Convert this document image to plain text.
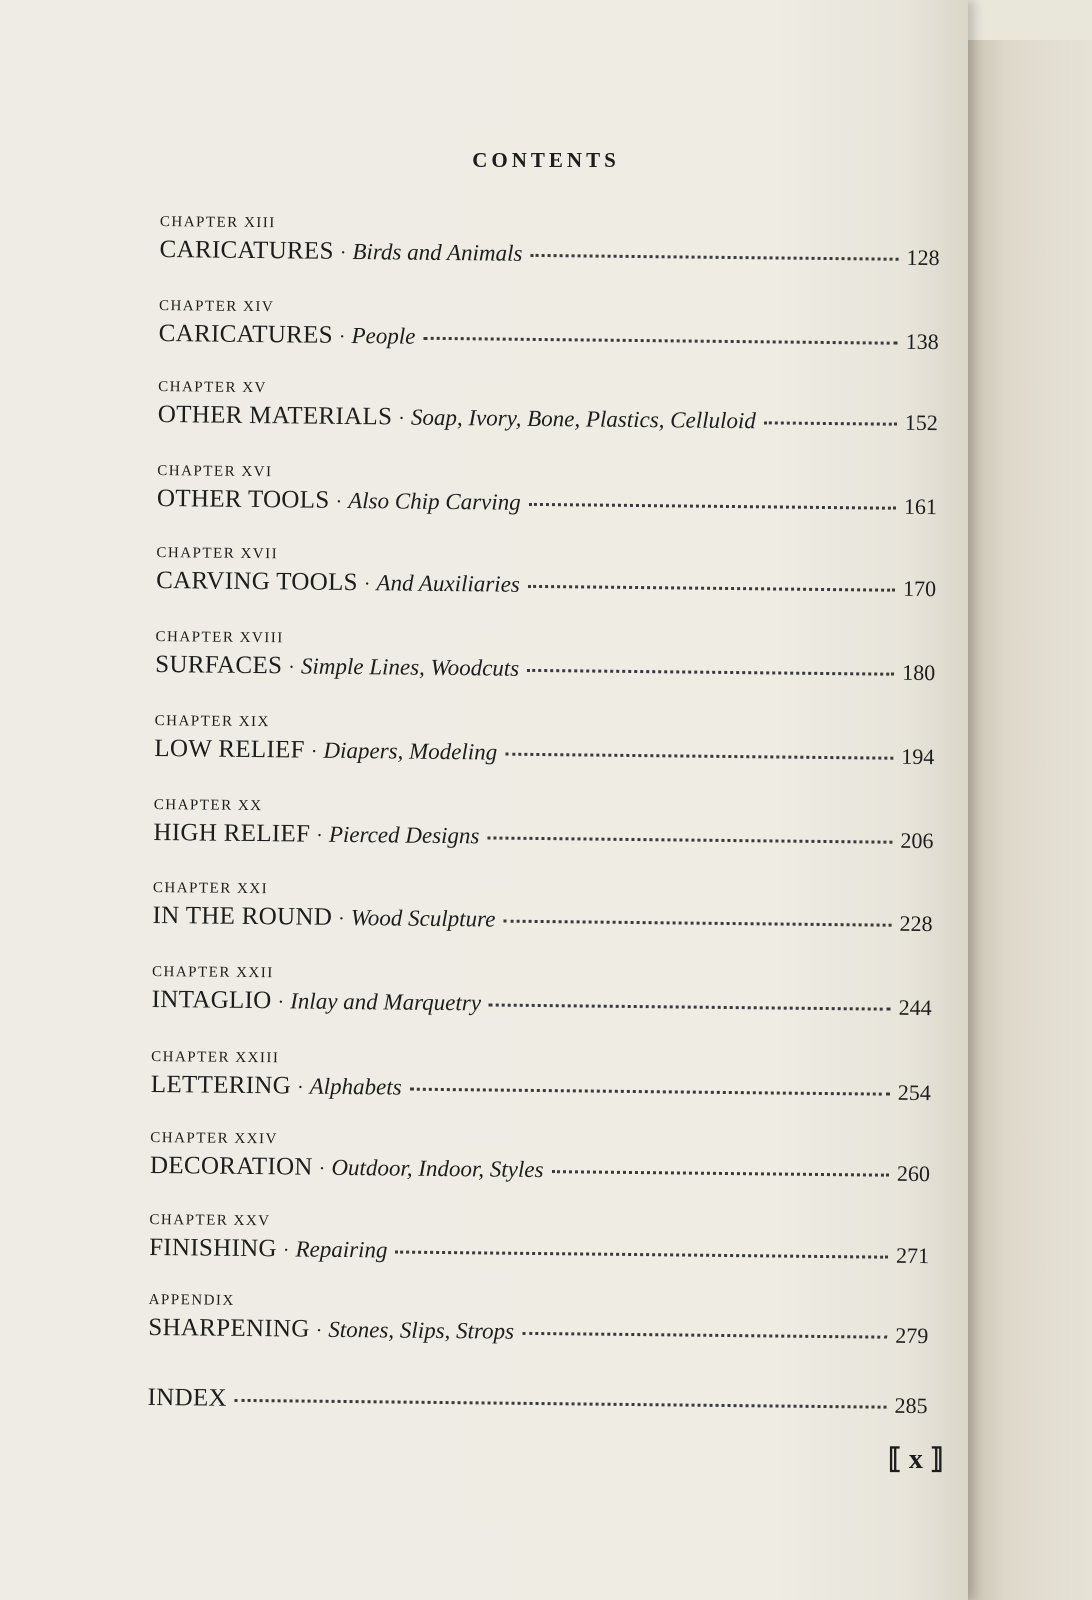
CONTENTS
CHAPTER XIII
CARICATURES · Birds and Animals	128
CHAPTER XIV
CARICATURES · People	138
CHAPTER XV
OTHER MATERIALS · Soap, Ivory, Bone, Plastics, Celluloid	152
CHAPTER XVI
OTHER TOOLS · Also Chip Carving	161
CHAPTER XVII
CARVING TOOLS · And Auxiliaries	170
CHAPTER XVIII
SURFACES · Simple Lines, Woodcuts	180
CHAPTER XIX
LOW RELIEF · Diapers, Modeling	194
CHAPTER XX
HIGH RELIEF · Pierced Designs	206
CHAPTER XXI
IN THE ROUND · Wood Sculpture	228
CHAPTER XXII
INTAGLIO · Inlay and Marquetry	244
CHAPTER XXIII
LETTERING · Alphabets	254
CHAPTER XXIV
DECORATION · Outdoor, Indoor, Styles	260
CHAPTER XXV
FINISHING · Repairing	271
APPENDIX
SHARPENING · Stones, Slips, Strops	279
INDEX	285
⟦ x ⟧
